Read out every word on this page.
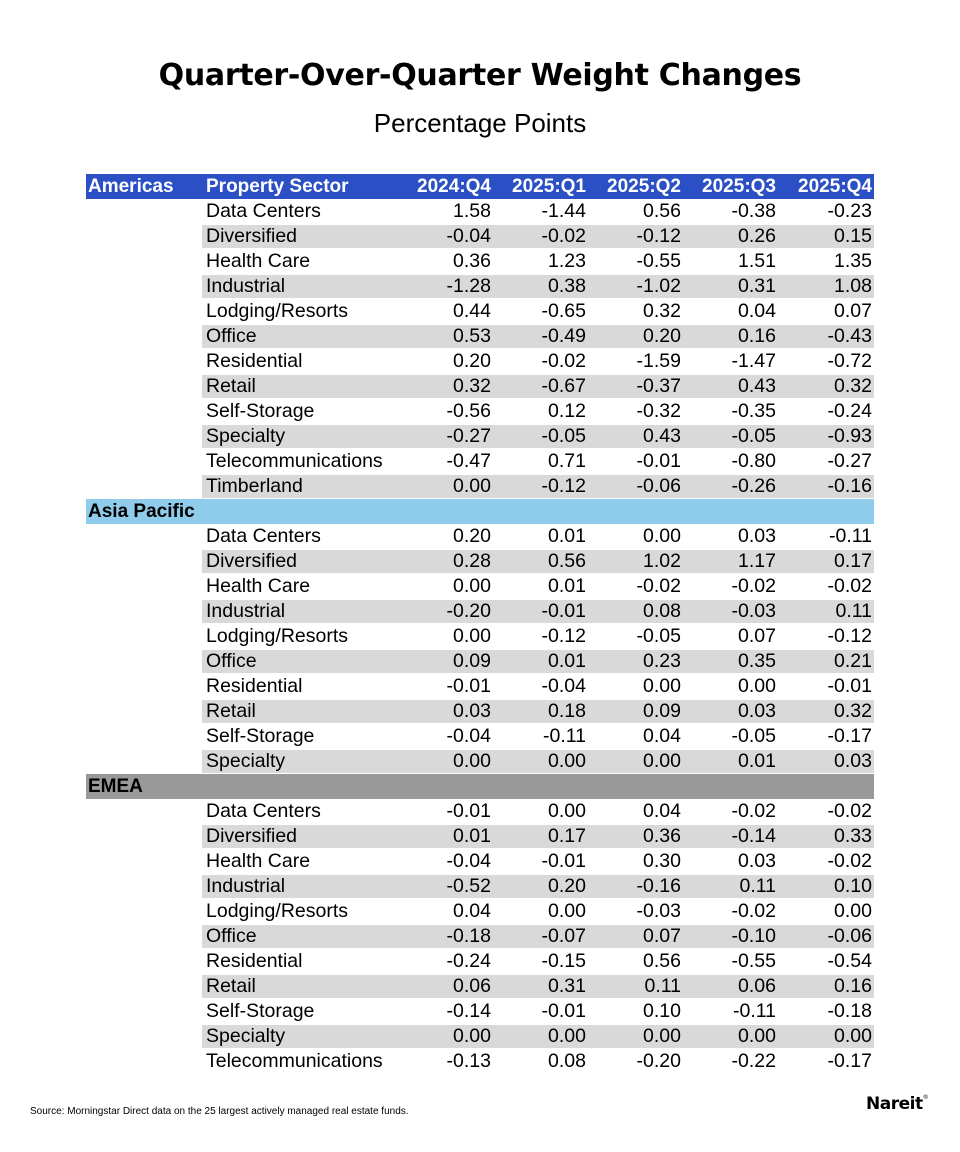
Quarter-Over-Quarter Weight Changes
Percentage Points
Americas	Property Sector	2024:Q4	2025:Q1	2025:Q2	2025:Q3	2025:Q4
Data Centers	1.58	-1.44	0.56	-0.38	-0.23
Diversified	-0.04	-0.02	-0.12	0.26	0.15
Health Care	0.36	1.23	-0.55	1.51	1.35
Industrial	-1.28	0.38	-1.02	0.31	1.08
Lodging/Resorts	0.44	-0.65	0.32	0.04	0.07
Office	0.53	-0.49	0.20	0.16	-0.43
Residential	0.20	-0.02	-1.59	-1.47	-0.72
Retail	0.32	-0.67	-0.37	0.43	0.32
Self-Storage	-0.56	0.12	-0.32	-0.35	-0.24
Specialty	-0.27	-0.05	0.43	-0.05	-0.93
Telecommunications	-0.47	0.71	-0.01	-0.80	-0.27
Timberland	0.00	-0.12	-0.06	-0.26	-0.16
Asia Pacific
Data Centers	0.20	0.01	0.00	0.03	-0.11
Diversified	0.28	0.56	1.02	1.17	0.17
Health Care	0.00	0.01	-0.02	-0.02	-0.02
Industrial	-0.20	-0.01	0.08	-0.03	0.11
Lodging/Resorts	0.00	-0.12	-0.05	0.07	-0.12
Office	0.09	0.01	0.23	0.35	0.21
Residential	-0.01	-0.04	0.00	0.00	-0.01
Retail	0.03	0.18	0.09	0.03	0.32
Self-Storage	-0.04	-0.11	0.04	-0.05	-0.17
Specialty	0.00	0.00	0.00	0.01	0.03
EMEA
Data Centers	-0.01	0.00	0.04	-0.02	-0.02
Diversified	0.01	0.17	0.36	-0.14	0.33
Health Care	-0.04	-0.01	0.30	0.03	-0.02
Industrial	-0.52	0.20	-0.16	0.11	0.10
Lodging/Resorts	0.04	0.00	-0.03	-0.02	0.00
Office	-0.18	-0.07	0.07	-0.10	-0.06
Residential	-0.24	-0.15	0.56	-0.55	-0.54
Retail	0.06	0.31	0.11	0.06	0.16
Self-Storage	-0.14	-0.01	0.10	-0.11	-0.18
Specialty	0.00	0.00	0.00	0.00	0.00
Telecommunications	-0.13	0.08	-0.20	-0.22	-0.17
Source: Morningstar Direct data on the 25 largest actively managed real estate funds.	Nareit®
